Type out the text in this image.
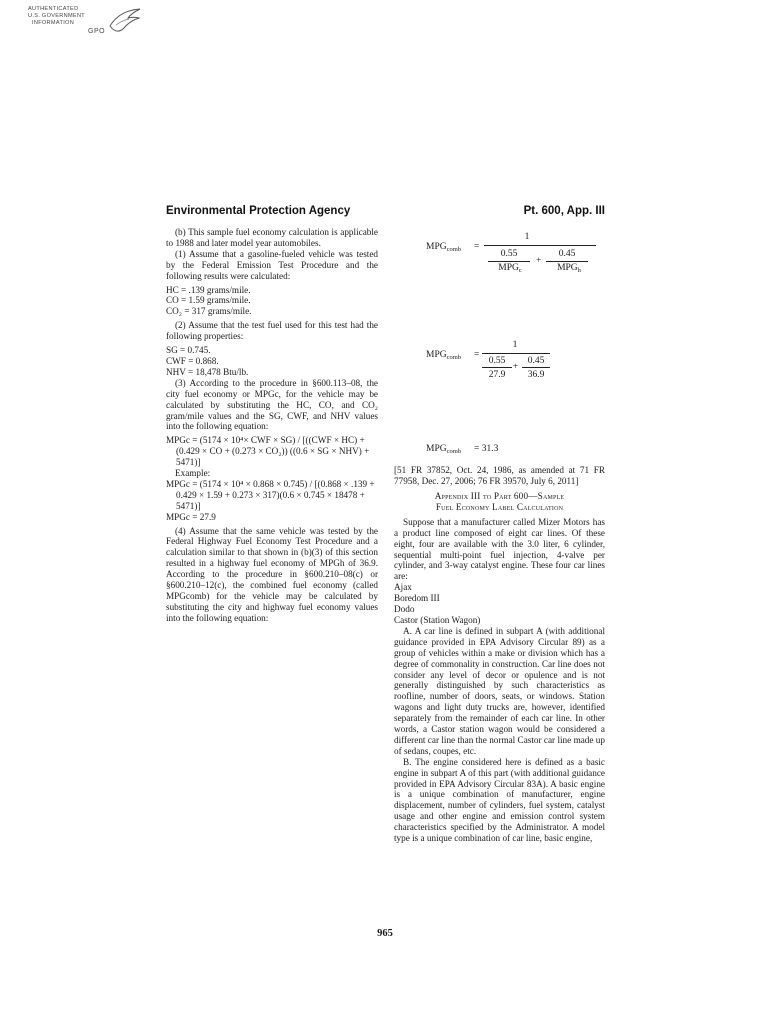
AUTHENTICATED
U.S. GOVERNMENT
INFORMATION
GPO
Environmental Protection Agency	Pt. 600, App. III

(b) This sample fuel economy calculation is applicable to 1988 and later model year automobiles.

(1) Assume that a gasoline-fueled vehicle was tested by the Federal Emission Test Procedure and the following results were calculated:

HC = .139 grams/mile.

CO = 1.59 grams/mile.

CO₂ = 317 grams/mile.

(2) Assume that the test fuel used for this test had the following properties:

SG = 0.745.

CWF = 0.868.

NHV = 18,478 Btu/lb.

(3) According to the procedure in §600.113–08, the city fuel economy or MPGc, for the vehicle may be calculated by substituting the HC, CO, and CO₂ gram/mile values and the SG, CWF, and NHV values into the following equation:

MPGc = (5174 × 10⁴× CWF × SG) / [((CWF × HC) + (0.429 × CO + (0.273 × CO₂)) ((0.6 × SG × NHV) + 5471)]

Example:

MPGc = (5174 × 10⁴ × 0.868 × 0.745) / [(0.868 × .139 + 0.429 × 1.59 + 0.273 × 317)(0.6 × 0.745 × 18478 + 5471)]

MPGc = 27.9

(4) Assume that the same vehicle was tested by the Federal Highway Fuel Economy Test Procedure and a calculation similar to that shown in (b)(3) of this section resulted in a highway fuel economy of MPGh of 36.9. According to the procedure in §600.210–08(c) or §600.210–12(c), the combined fuel economy (called MPGcomb) for the vehicle may be calculated by substituting the city and highway fuel economy values into the following equation:

$MPG_{comb}$ =
1
0.55
$MPG_c$
+
0.45
$MPG_h$
$MPG_{comb}$ =
1
0.55
27.9
+
0.45
36.9
$MPG_{comb} = 31.3$

[51 FR 37852, Oct. 24, 1986, as amended at 71 FR 77958, Dec. 27, 2006; 76 FR 39570, July 6, 2011]

Appendix III to Part 600—Sample
Fuel Economy Label Calculation

Suppose that a manufacturer called Mizer Motors has a product line composed of eight car lines. Of these eight, four are available with the 3.0 liter, 6 cylinder, sequential multi-point fuel injection, 4-valve per cylinder, and 3-way catalyst engine. These four car lines are:

Ajax

Boredom III

Dodo

Castor (Station Wagon)

A. A car line is defined in subpart A (with additional guidance provided in EPA Advisory Circular 89) as a group of vehicles within a make or division which has a degree of commonality in construction. Car line does not consider any level of decor or opulence and is not generally distinguished by such characteristics as roofline, number of doors, seats, or windows. Station wagons and light duty trucks are, however, identified separately from the remainder of each car line. In other words, a Castor station wagon would be considered a different car line than the normal Castor car line made up of sedans, coupes, etc.

B. The engine considered here is defined as a basic engine in subpart A of this part (with additional guidance provided in EPA Advisory Circular 83A). A basic engine is a unique combination of manufacturer, engine displacement, number of cylinders, fuel system, catalyst usage and other engine and emission control system characteristics specified by the Administrator. A model type is a unique combination of car line, basic engine,

965
